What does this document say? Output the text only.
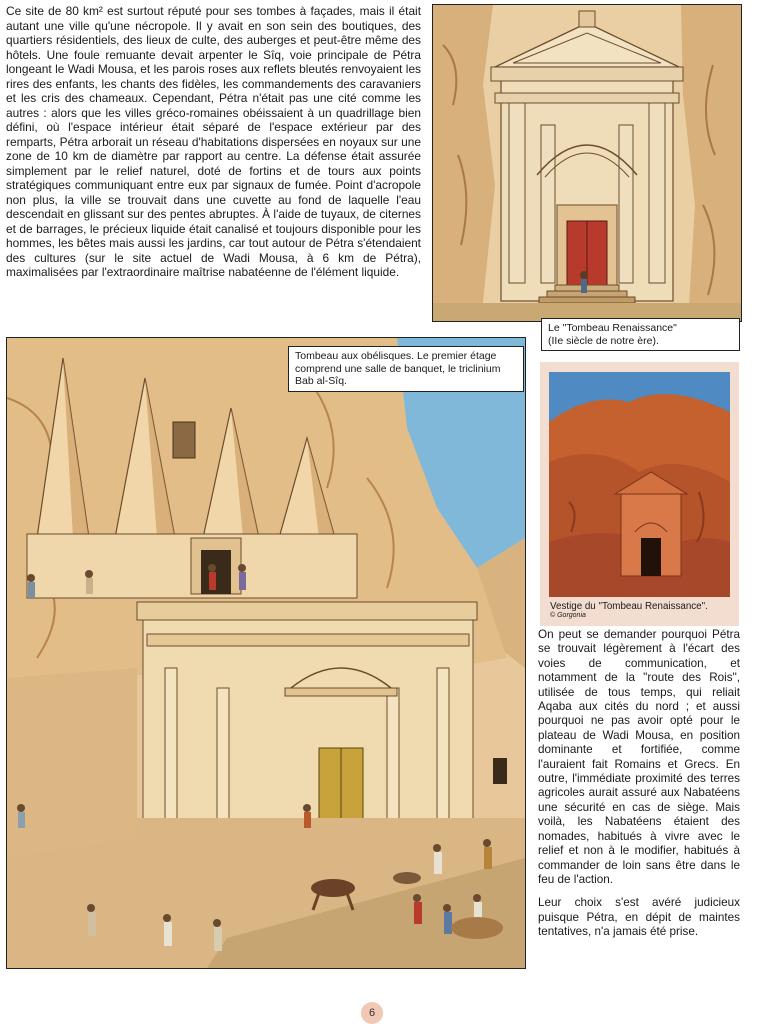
Ce site de 80 km² est surtout réputé pour ses tombes à façades, mais il était autant une ville qu'une nécropole. Il y avait en son sein des boutiques, des quartiers résidentiels, des lieux de culte, des auberges et peut-être même des hôtels. Une foule remuante devait arpenter le Sîq, voie principale de Pétra longeant le Wadi Mousa, et les parois roses aux reflets bleutés renvoyaient les rires des enfants, les chants des fidèles, les commandements des caravaniers et les cris des chameaux. Cependant, Pétra n'était pas une cité comme les autres : alors que les villes gréco-romaines obéissaient à un quadrillage bien défini, où l'espace intérieur était séparé de l'espace extérieur par des remparts, Pétra arborait un réseau d'habitations dispersées en noyaux sur une zone de 10 km de diamètre par rapport au centre. La défense était assurée simplement par le relief naturel, doté de fortins et de tours aux points stratégiques communiquant entre eux par signaux de fumée. Point d'acropole non plus, la ville se trouvait dans une cuvette au fond de laquelle l'eau descendait en glissant sur des pentes abruptes. À l'aide de tuyaux, de citernes et de barrages, le précieux liquide était canalisé et toujours disponible pour les hommes, les bêtes mais aussi les jardins, car tout autour de Pétra s'étendaient des cultures (sur le site actuel de Wadi Mousa, à 6 km de Pétra), maximalisées par l'extraordinaire maîtrise nabatéenne de l'élément liquide.

Le "Tombeau Renaissance"
(IIe siècle de notre ère).
Tombeau aux obélisques. Le premier étage comprend une salle de banquet, le triclinium Bab al-Sîq.
Vestige du "Tombeau Renaissance".
© Gorgonia

On peut se demander pourquoi Pétra se trouvait légèrement à l'écart des voies de communication, et notamment de la "route des Rois", utilisée de tous temps, qui reliait Aqaba aux cités du nord ; et aussi pourquoi ne pas avoir opté pour le plateau de Wadi Mousa, en position dominante et fortifiée, comme l'auraient fait Romains et Grecs. En outre, l'immédiate proximité des terres agricoles aurait assuré aux Nabatéens une sécurité en cas de siège. Mais voilà, les Nabatéens étaient des nomades, habitués à vivre avec le relief et non à le modifier, habitués à commander de loin sans être dans le feu de l'action.

Leur choix s'est avéré judicieux puisque Pétra, en dépit de maintes tentatives, n'a jamais été prise.

6
